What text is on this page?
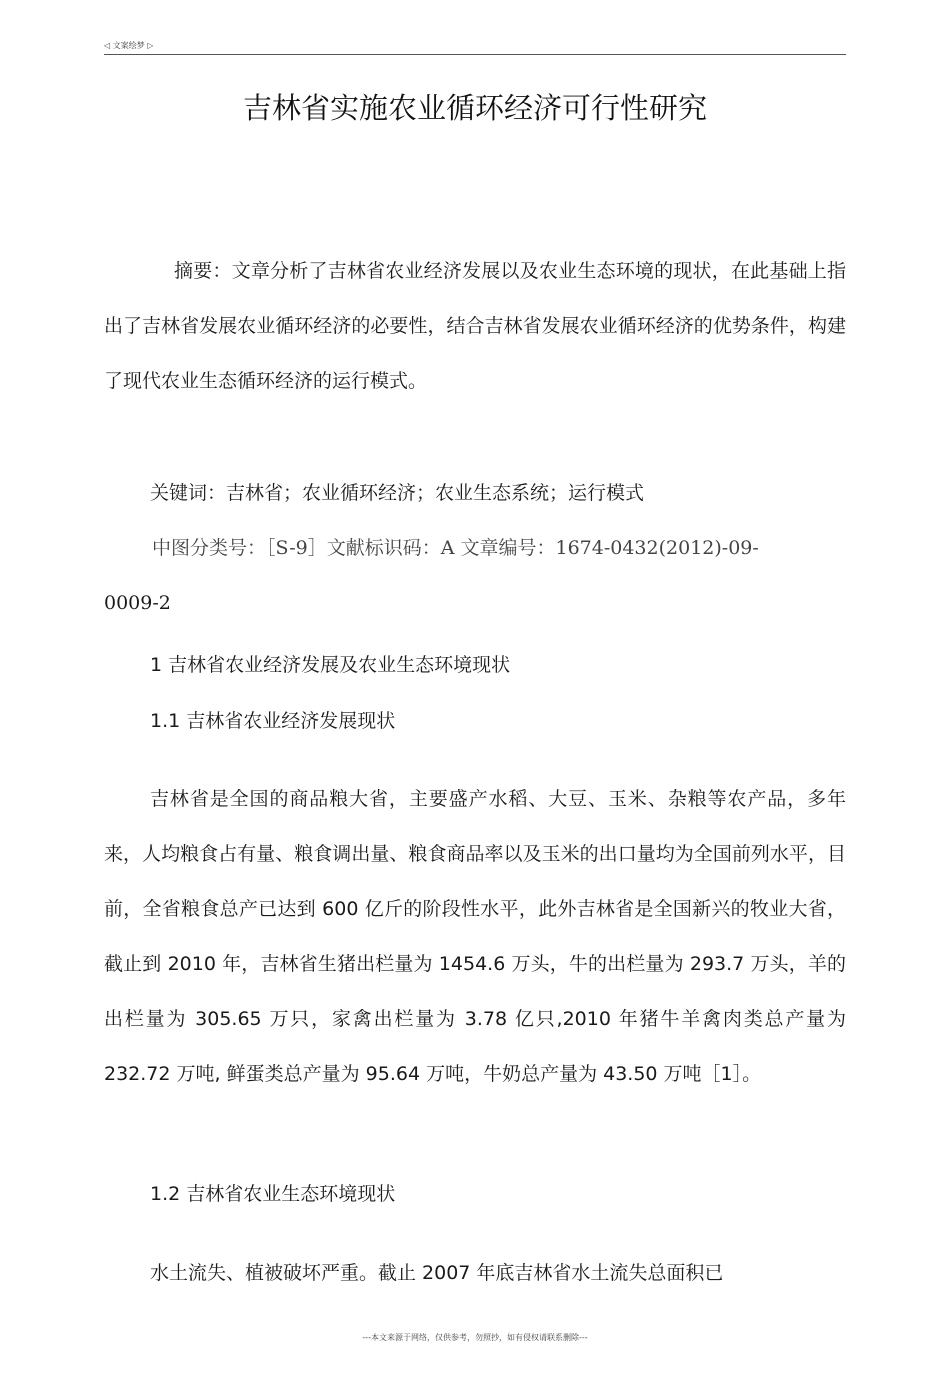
◁ 文案绘梦 ▷
吉林省实施农业循环经济可行性研究

摘要：文章分析了吉林省农业经济发展以及农业生态环境的现状，在此基础上指出了吉林省发展农业循环经济的必要性，结合吉林省发展农业循环经济的优势条件，构建了现代农业生态循环经济的运行模式。

关键词：吉林省；农业循环经济；农业生态系统；运行模式
中图分类号：［S-9］文献标识码：A 文章编号：1674-0432(2012)-09-
0009-2
1 吉林省农业经济发展及农业生态环境现状
1.1 吉林省农业经济发展现状

吉林省是全国的商品粮大省，主要盛产水稻、大豆、玉米、杂粮等农产品，多年来，人均粮食占有量、粮食调出量、粮食商品率以及玉米的出口量均为全国前列水平，目前，全省粮食总产已达到 600 亿斤的阶段性水平，此外吉林省是全国新兴的牧业大省，截止到 2010 年，吉林省生猪出栏量为 1454.6 万头，牛的出栏量为 293.7 万头，羊的出栏量为 305.65 万只，家禽出栏量为 3.78 亿只,2010 年猪牛羊禽肉类总产量为 232.72 万吨, 鲜蛋类总产量为 95.64 万吨，牛奶总产量为 43.50 万吨［1］。

1.2 吉林省农业生态环境现状
水土流失、植被破坏严重。截止 2007 年底吉林省水土流失总面积已
---本文来源于网络，仅供参考，勿照抄，如有侵权请联系删除---
